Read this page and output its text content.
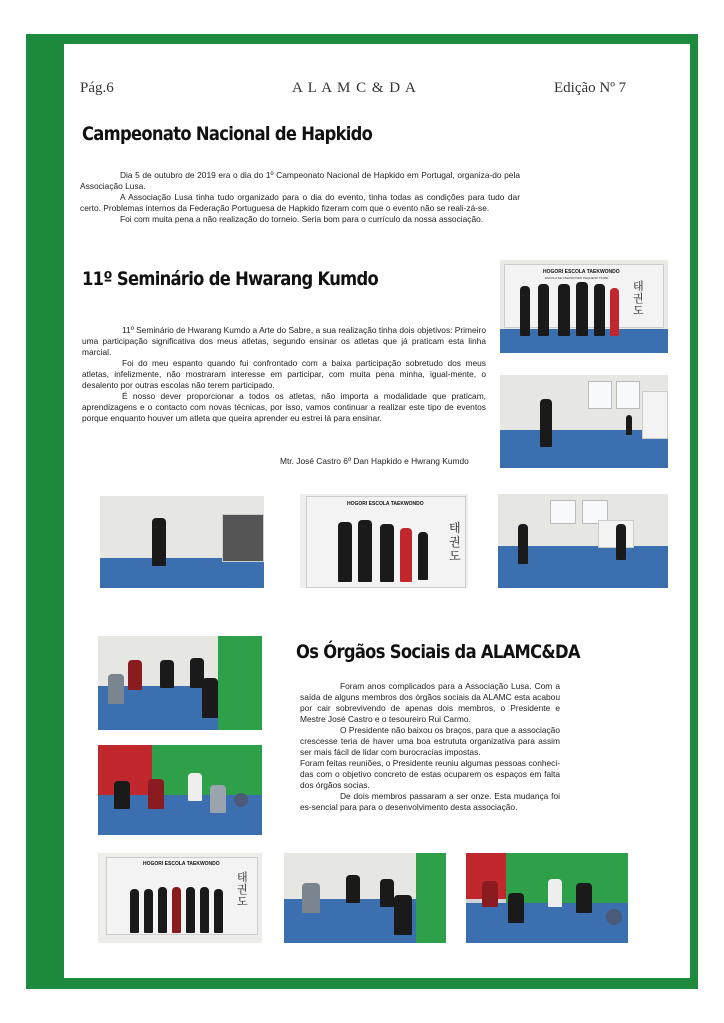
Pág.6	A L A M C & D A	Edição Nº 7
Campeonato Nacional de Hapkido

Dia 5 de outubro de 2019 era o dia do 1º Campeonato Nacional de Hapkido em Portugal, organiza-do pela Associação Lusa.

A Associação Lusa tinha tudo organizado para o dia do evento, tinha todas as condições para tudo dar certo. Problemas internos da Federação Portuguesa de Hapkido fizeram com que o evento não se reali-zá-se.

Foi com muita pena a não realização do torneio. Seria bom para o currículo da nossa associação.

11º Seminário de Hwarang Kumdo

11º Seminário de Hwarang Kumdo a Arte do Sabre, a sua realização tinha dois objetivos: Primeiro uma participação significativa dos meus atletas, segundo ensinar os atletas que já praticam esta linha marcial.

Foi do meu espanto quando fui confrontado com a baixa participação sobretudo dos meus atletas, infelizmente, não mostraram interesse em participar, com muita pena minha, igual-mente, o desalento por outras escolas não terem participado.

É nosso dever proporcionar a todos os atletas, não importa a modalidade que praticam, aprendizagens e o contacto com novas técnicas, por isso, vamos continuar a realizar este tipo de eventos porque enquanto houver um atleta que queira aprender eu estrei lá para ensinar.

Mtr. José Castro 6º Dan Hapkido e Hwrang Kumdo
HOGORI ESCOLA TAEKWONDO
ESCOLA DE TAEKWONDO PEQUENO TIGRE
태권도
HOGORI ESCOLA TAEKWONDO
태권도
Os Órgãos Sociais da ALAMC&DA

Foram anos complicados para a Associação Lusa. Com a saída de alguns membros dos órgãos sociais da ALAMC esta acabou por cair sobrevivendo de apenas dois membros, o Presidente e Mestre José Castro e o tesoureiro Rui Carmo.

O Presidente não baixou os braços, para que a associação crescesse teria de haver uma boa estrututa organizativa para assim ser mais fácil de lidar com burocracias impostas.

Foram feitas reuniões, o Presidente reuniu algumas pessoas conheci-das com o objetivo concreto de estas ocuparem os espaços em falta dos órgãos socias.

De dois membros passaram a ser onze. Esta mudança foi es-sencial para para o desenvolvimento desta associação.

HOGORI ESCOLA TAEKWONDO
태권도
